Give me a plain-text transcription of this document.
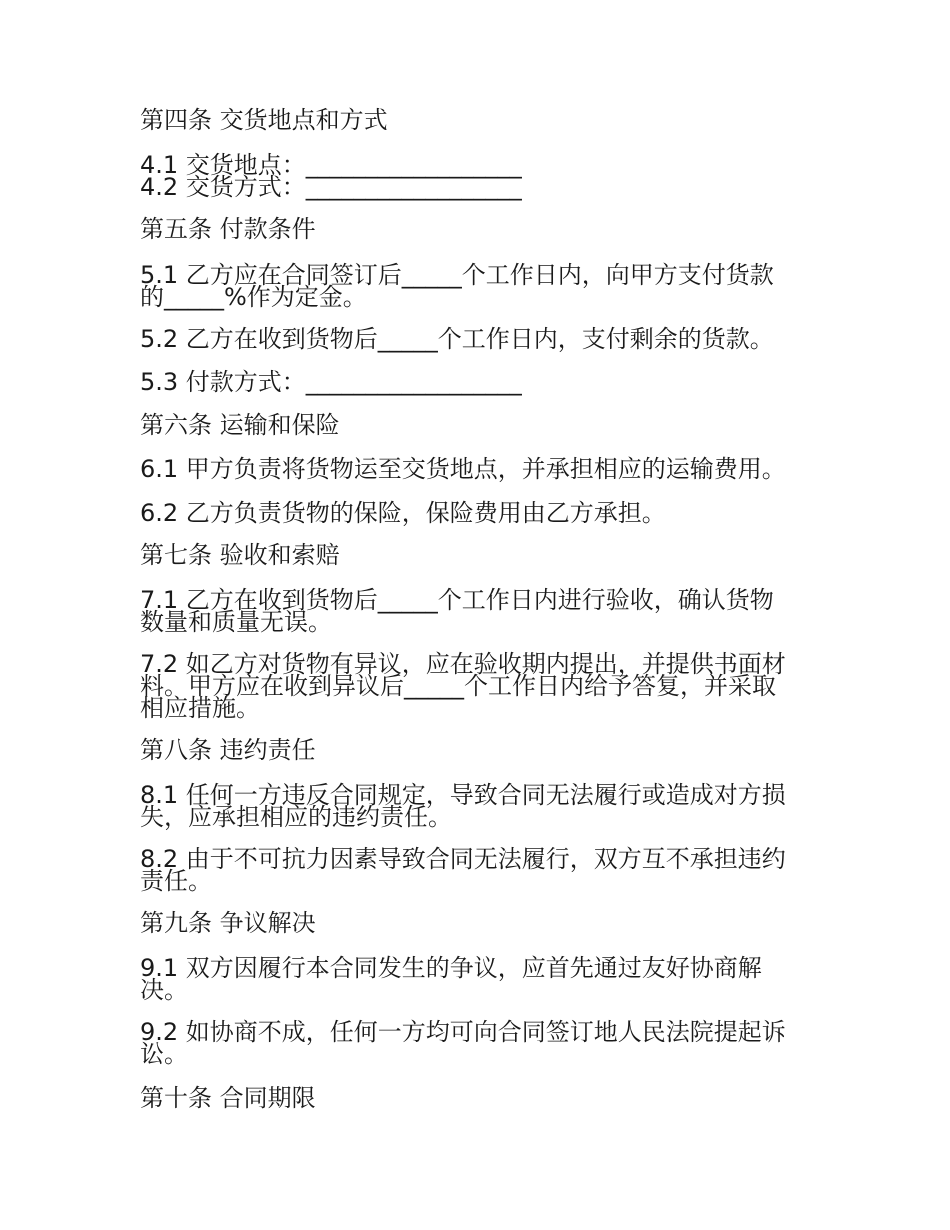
第四条 交货地点和方式
4.1 交货地点：__________________
4.2 交货方式：__________________
第五条 付款条件
5.1 乙方应在合同签订后_____个工作日内，向甲方支付货款
的_____%作为定金。
5.2 乙方在收到货物后_____个工作日内，支付剩余的货款。
5.3 付款方式：__________________
第六条 运输和保险
6.1 甲方负责将货物运至交货地点，并承担相应的运输费用。
6.2 乙方负责货物的保险，保险费用由乙方承担。
第七条 验收和索赔
7.1 乙方在收到货物后_____个工作日内进行验收，确认货物
数量和质量无误。
7.2 如乙方对货物有异议，应在验收期内提出，并提供书面材
料。甲方应在收到异议后_____个工作日内给予答复，并采取
相应措施。
第八条 违约责任
8.1 任何一方违反合同规定，导致合同无法履行或造成对方损
失，应承担相应的违约责任。
8.2 由于不可抗力因素导致合同无法履行，双方互不承担违约
责任。
第九条 争议解决
9.1 双方因履行本合同发生的争议，应首先通过友好协商解
决。
9.2 如协商不成，任何一方均可向合同签订地人民法院提起诉
讼。
第十条 合同期限
